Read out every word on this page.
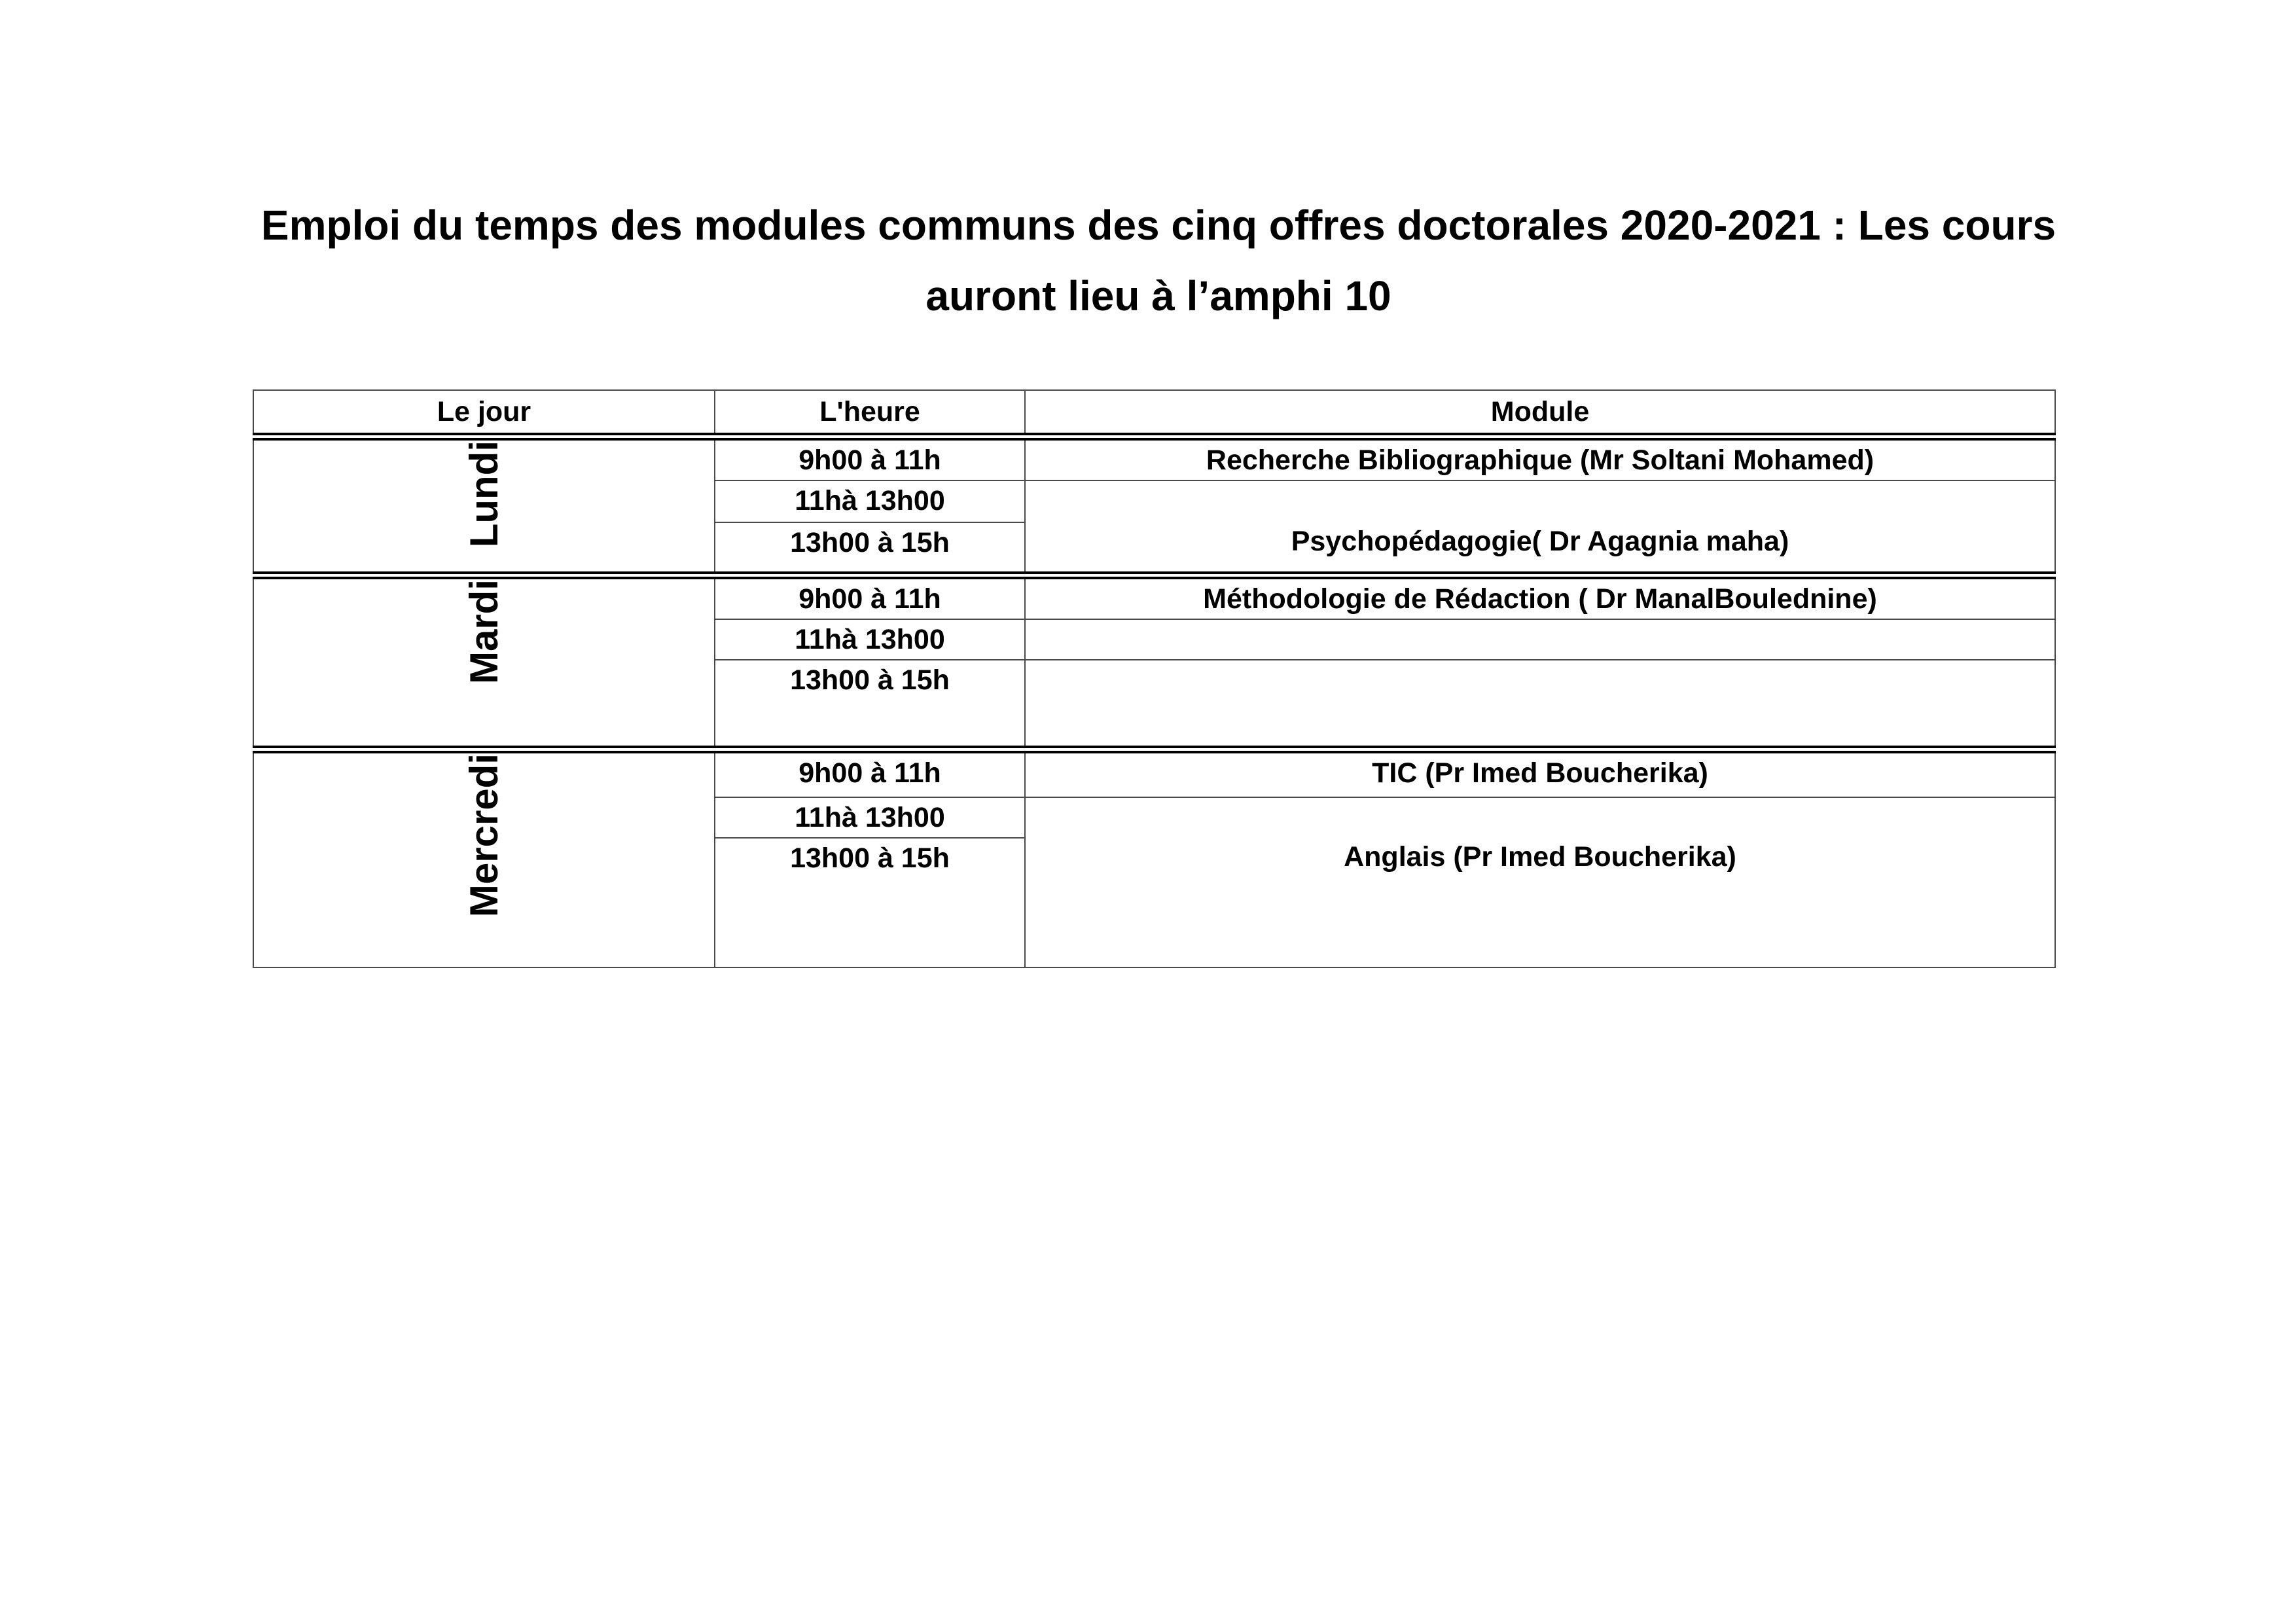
Emploi du temps des modules communs des cinq offres doctorales 2020-2021 : Les cours
auront lieu à l’amphi 10
Le jour	L'heure	Module
Lundi	9h00 à 11h	Recherche Bibliographique (Mr Soltani Mohamed)
	11hà 13h00	Psychopédagogie( Dr Agagnia maha)
	13h00 à 15h	
Mardi	9h00 à 11h	Méthodologie de Rédaction ( Dr ManalBoulednine)
	11hà 13h00	
	13h00 à 15h	
Mercredi	9h00 à 11h	TIC (Pr Imed Boucherika)
	11hà 13h00	Anglais (Pr Imed Boucherika)
	13h00 à 15h	
